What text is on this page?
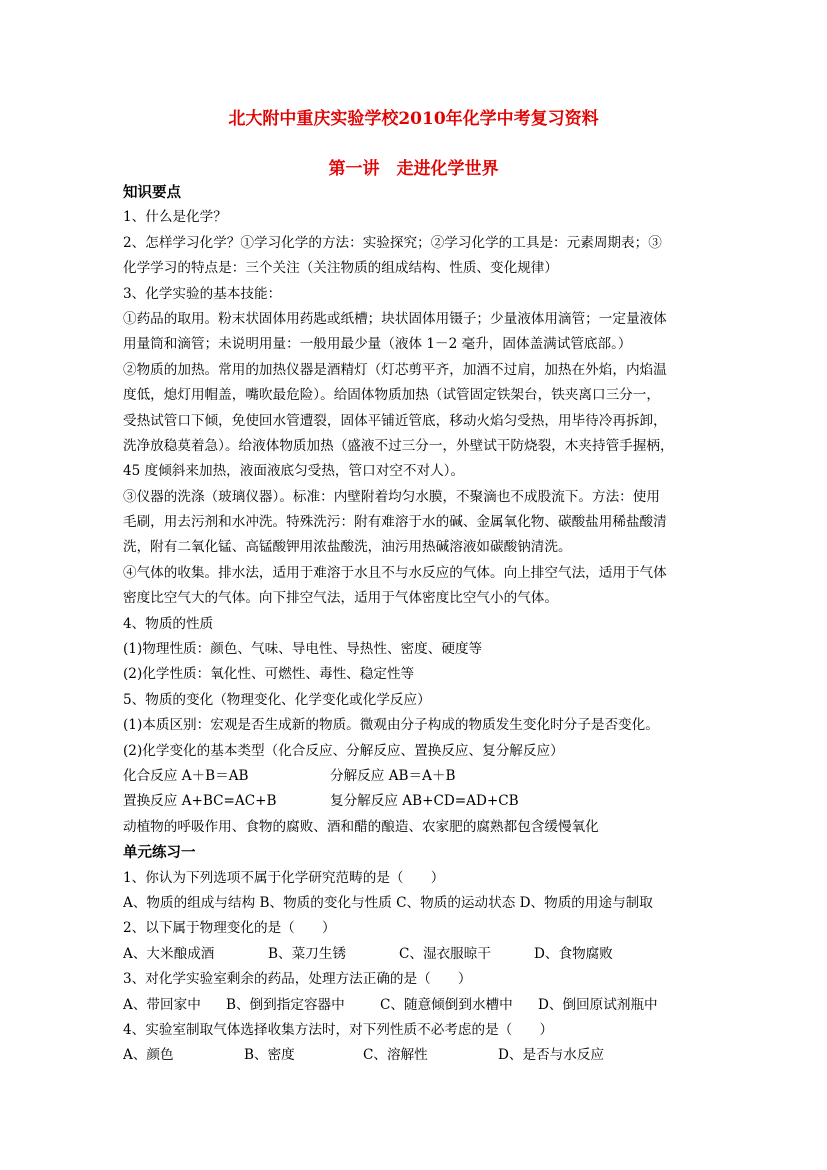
北大附中重庆实验学校2010年化学中考复习资料
第一讲　走进化学世界
知识要点
1、什么是化学？
2、怎样学习化学？①学习化学的方法：实验探究；②学习化学的工具是：元素周期表；③
化学学习的特点是：三个关注（关注物质的组成结构、性质、变化规律）
3、化学实验的基本技能：
①药品的取用。粉末状固体用药匙或纸槽；块状固体用镊子；少量液体用滴管；一定量液体
用量筒和滴管；未说明用量：一般用最少量（液体 1－2 毫升，固体盖满试管底部。）
②物质的加热。常用的加热仪器是酒精灯（灯芯剪平齐，加酒不过肩，加热在外焰，内焰温
度低，熄灯用帽盖，嘴吹最危险）。给固体物质加热（试管固定铁架台，铁夹离口三分一，
受热试管口下倾，免使回水管遭裂，固体平铺近管底，移动火焰匀受热，用毕待冷再拆卸，
洗净放稳莫着急）。给液体物质加热（盛液不过三分一，外壁试干防烧裂，木夹持管手握柄，
45 度倾斜来加热，液面液底匀受热，管口对空不对人）。
③仪器的洗涤（玻璃仪器）。标准：内壁附着均匀水膜，不聚滴也不成股流下。方法：使用
毛刷，用去污剂和水冲洗。特殊洗污：附有难溶于水的碱、金属氧化物、碳酸盐用稀盐酸清
洗，附有二氧化锰、高锰酸钾用浓盐酸洗，油污用热碱溶液如碳酸钠清洗。
④气体的收集。排水法，适用于难溶于水且不与水反应的气体。向上排空气法，适用于气体
密度比空气大的气体。向下排空气法，适用于气体密度比空气小的气体。
4、物质的性质
(1)物理性质：颜色、气味、导电性、导热性、密度、硬度等
(2)化学性质：氧化性、可燃性、毒性、稳定性等
5、物质的变化（物理变化、化学变化或化学反应）
(1)本质区别：宏观是否生成新的物质。微观由分子构成的物质发生变化时分子是否变化。
(2)化学变化的基本类型（化合反应、分解反应、置换反应、复分解反应）
化合反应 A＋B＝AB	分解反应 AB＝A＋B
置换反应 A+BC=AC+B	复分解反应 AB+CD=AD+CB
动植物的呼吸作用、食物的腐败、酒和醋的酿造、农家肥的腐熟都包含缓慢氧化
单元练习一
1、你认为下列选项不属于化学研究范畴的是（　　）
A、物质的组成与结构 B、物质的变化与性质 C、物质的运动状态 D、物质的用途与制取
2、以下属于物理变化的是（　　）
A、大米酿成酒	B、菜刀生锈	C、湿衣服晾干	D、食物腐败
3、对化学实验室剩余的药品，处理方法正确的是（　　）
A、带回家中	B、倒到指定容器中	C、随意倾倒到水槽中	D、倒回原试剂瓶中
4、实验室制取气体选择收集方法时，对下列性质不必考虑的是（　　）
A、颜色	B、密度	C、溶解性	D、是否与水反应
